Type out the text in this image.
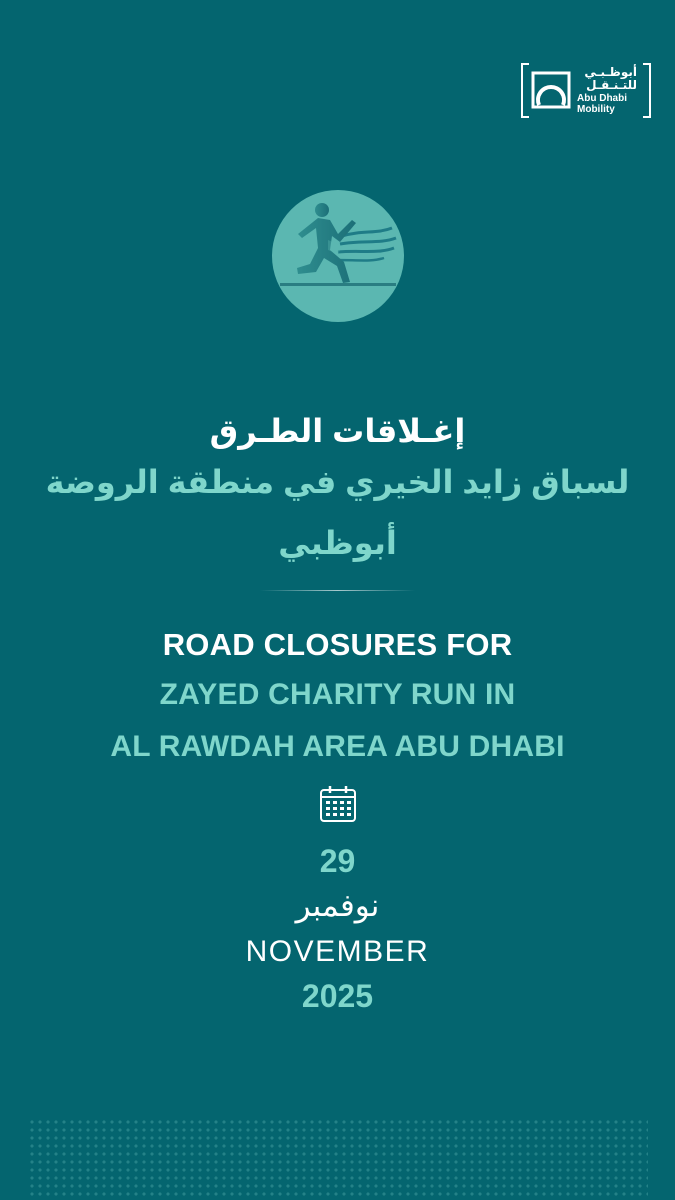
أبوظـبـي
للتـنـقـل
Abu Dhabi
Mobility
إغـلاقات الطـرق
لسباق زايد الخيري في منطقة الروضة
أبوظبي
ROAD CLOSURES FOR
ZAYED CHARITY RUN IN
AL RAWDAH AREA ABU DHABI
29
نوفمبر
NOVEMBER
2025
